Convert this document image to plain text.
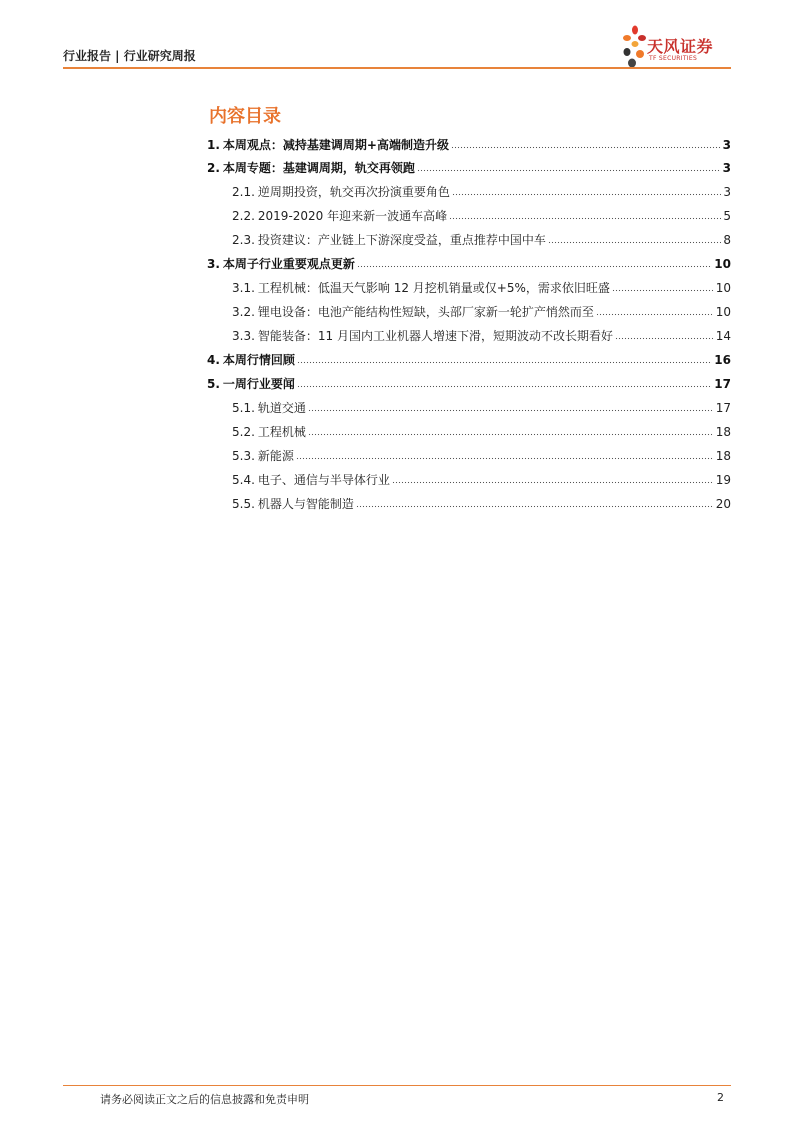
行业报告 | 行业研究周报	天风证券
TF SECURITIES
内容目录
1. 本周观点：减持基建调周期+高端制造升级	3
2. 本周专题：基建调周期，轨交再领跑	3
2.1. 逆周期投资，轨交再次扮演重要角色	3
2.2. 2019-2020 年迎来新一波通车高峰	5
2.3. 投资建议：产业链上下游深度受益，重点推荐中国中车	8
3. 本周子行业重要观点更新	10
3.1. 工程机械：低温天气影响 12 月挖机销量或仅+5%，需求依旧旺盛	10
3.2. 锂电设备：电池产能结构性短缺，头部厂家新一轮扩产悄然而至	10
3.3. 智能装备：11 月国内工业机器人增速下滑，短期波动不改长期看好	14
4. 本周行情回顾	16
5. 一周行业要闻	17
5.1. 轨道交通	17
5.2. 工程机械	18
5.3. 新能源	18
5.4. 电子、通信与半导体行业	19
5.5. 机器人与智能制造	20
请务必阅读正文之后的信息披露和免责申明	2
